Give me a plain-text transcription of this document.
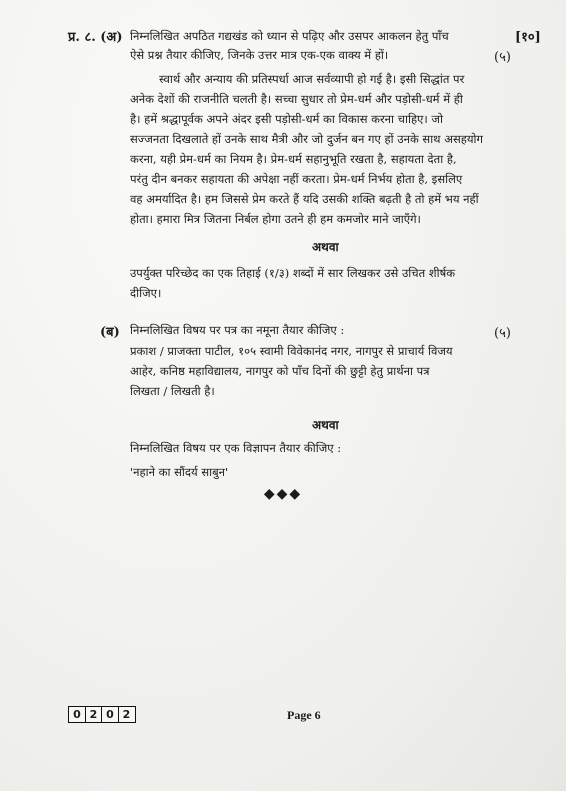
प्र. ८. (अ) निम्नलिखित अपठित गद्यखंड को ध्यान से पढ़िए और उसपर आकलन हेतु पाँच	[१०]
ऐसे प्रश्न तैयार कीजिए, जिनके उत्तर मात्र एक-एक वाक्य में हों।	(५)
स्वार्थ और अन्याय की प्रतिस्पर्धा आज सर्वव्यापी हो गई है। इसी सिद्धांत पर
अनेक देशों की राजनीति चलती है। सच्चा सुधार तो प्रेम-धर्म और पड़ोसी-धर्म में ही
है। हमें श्रद्धापूर्वक अपने अंदर इसी पड़ोसी-धर्म का विकास करना चाहिए। जो
सज्जनता दिखलाते हों उनके साथ मैत्री और जो दुर्जन बन गए हों उनके साथ असहयोग
करना, यही प्रेम-धर्म का नियम है। प्रेम-धर्म सहानुभूति रखता है, सहायता देता है,
परंतु दीन बनकर सहायता की अपेक्षा नहीं करता। प्रेम-धर्म निर्भय होता है, इसलिए
वह अमर्यादित है। हम जिससे प्रेम करते हैं यदि उसकी शक्ति बढ़ती है तो हमें भय नहीं
होता। हमारा मित्र जितना निर्बल होगा उतने ही हम कमजोर माने जाएँगे।
अथवा
उपर्युक्त परिच्छेद का एक तिहाई (१/३) शब्दों में सार लिखकर उसे उचित शीर्षक
दीजिए।
(ब) निम्नलिखित विषय पर पत्र का नमूना तैयार कीजिए :	(५)
प्रकाश / प्राजक्ता पाटील, १०५ स्वामी विवेकानंद नगर, नागपुर से प्राचार्य विजय
आहेर, कनिष्ठ महाविद्यालय, नागपुर को पाँच दिनों की छुट्टी हेतु प्रार्थना पत्र
लिखता / लिखती है।
अथवा
निम्नलिखित विषय पर एक विज्ञापन तैयार कीजिए :
'नहाने का सौंदर्य साबुन'
◆◆◆
0 2 0 2	Page 6
